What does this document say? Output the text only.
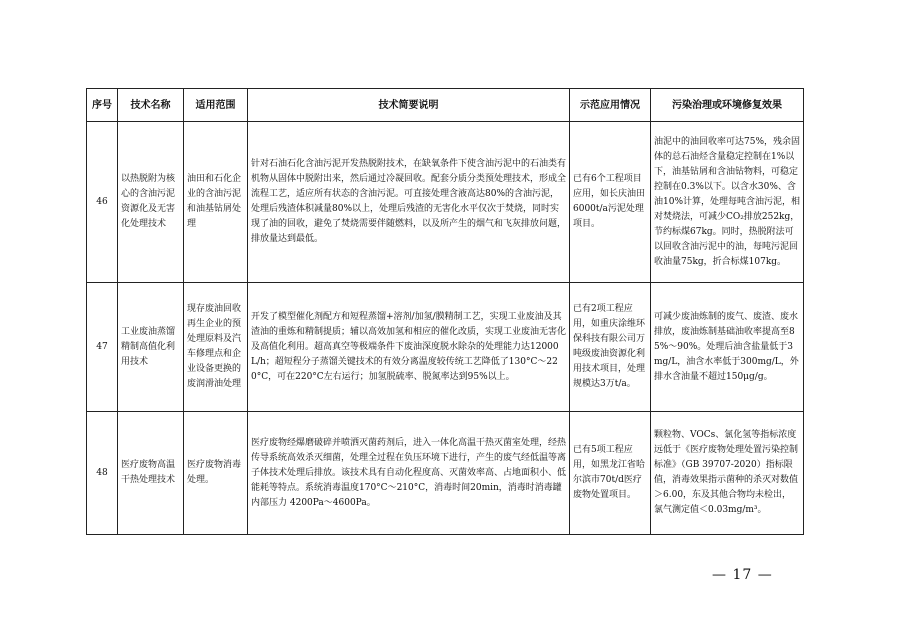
序号	技术名称	适用范围	技术简要说明	示范应用情况	污染治理或环境修复效果
46	以热脱附为核心的含油污泥资源化及无害化处理技术	油田和石化企业的含油污泥和油基钻屑处理	针对石油石化含油污泥开发热脱附技术，在缺氧条件下使含油污泥中的石油类有机物从固体中脱附出来，然后通过冷凝回收。配套分质分类预处理技术，形成全流程工艺，适应所有状态的含油污泥。可直接处理含液高达80%的含油污泥，处理后残渣体积减量80%以上，处理后残渣的无害化水平仅次于焚烧，同时实现了油的回收，避免了焚烧需要伴随燃料，以及所产生的烟气和飞灰排放问题，排放量达到最低。	已有6个工程项目应用，如长庆油田6000t/a污泥处理项目。	油泥中的油回收率可达75%，残余固体的总石油烃含量稳定控制在1%以下，油基钻屑和含油钻物料，可稳定控制在0.3%以下。以含水30%、含油10%计算，处理每吨含油污泥，相对焚烧法，可减少CO₂排放252kg，节约标煤67kg。同时，热脱附法可以回收含油污泥中的油，每吨污泥回收油量75kg，折合标煤107kg。
47	工业废油蒸馏精制高值化利用技术	现存废油回收再生企业的预处理原料及汽车修理点和企业设备更换的废润滑油处理	开发了模型催化剂配方和短程蒸馏+溶剂/加氢/膜精制工艺，实现工业废油及其渣油的重炼和精制提质；辅以高效加氢和相应的催化改质，实现工业废油无害化及高值化利用。超高真空等极端条件下废油深度脱水除杂的处理能力达12000L/h；超短程分子蒸馏关键技术的有效分离温度较传统工艺降低了130°C～220°C，可在220°C左右运行；加氢脱硫率、脱氮率达到95%以上。	已有2项工程应用，如重庆涂维环保科技有限公司万吨级废油资源化利用技术项目，处理规模达3万t/a。	可减少废油炼制的废气、废渣、废水排放，废油炼制基础油收率提高至85%～90%。处理后油含盐量低于3mg/L，油含水率低于300mg/L，外排水含油量不超过150μg/g。
48	医疗废物高温干热处理技术	医疗废物消毒处理。	医疗废物经爆磨破碎并喷洒灭菌药剂后，进入一体化高温干热灭菌室处理，经热传导系统高效杀灭细菌，处理全过程在负压环境下进行，产生的废气经低温等离子体技术处理后排放。该技术具有自动化程度高、灭菌效率高、占地面积小、低能耗等特点。系统消毒温度170°C～210°C，消毒时间20min，消毒时消毒罐内部压力 4200Pa～4600Pa。	已有5项工程应用，如黑龙江省哈尔滨市70t/d医疗废物处置项目。	颗粒物、VOCs、氯化氢等指标浓度远低于《医疗废物处理处置污染控制标准》（GB 39707-2020）指标限值，消毒效果指示菌种的杀灭对数值＞6.00，东及其他合物均未检出，氯气测定值＜0.03mg/m³。
— 17 —
